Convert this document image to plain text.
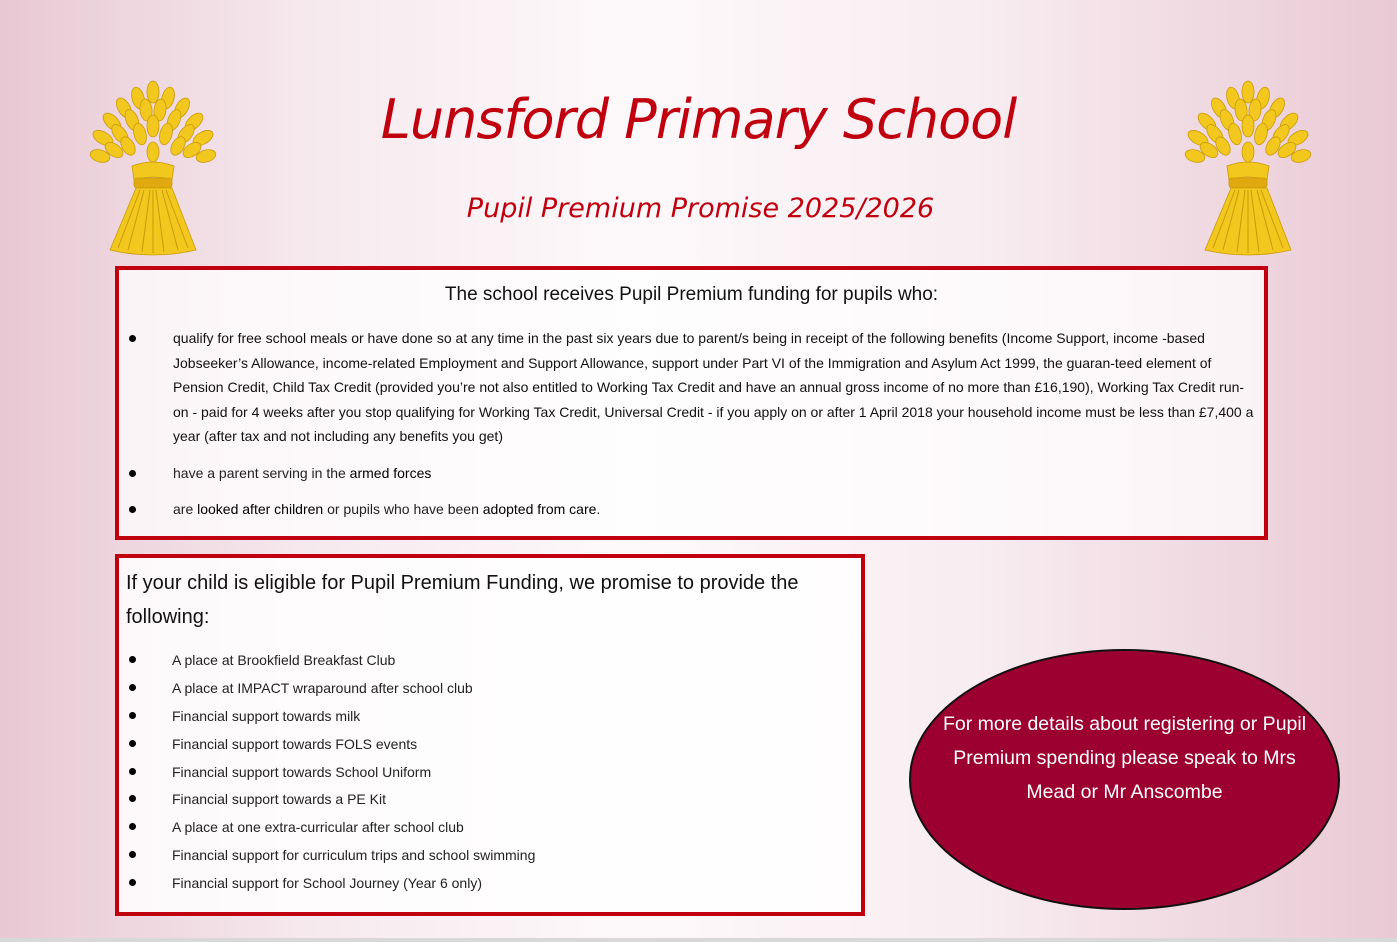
Lunsford Primary School
Pupil Premium Promise 2025/2026
The school receives Pupil Premium funding for pupils who:
qualify for free school meals or have done so at any time in the past six years due to parent/s being in receipt of the following benefits (Income Support, income -based Jobseeker’s Allowance, income-related Employment and Support Allowance, support under Part VI of the Immigration and Asylum Act 1999, the guaran-teed element of Pension Credit, Child Tax Credit (provided you’re not also entitled to Working Tax Credit and have an annual gross income of no more than £16,190), Working Tax Credit run-on - paid for 4 weeks after you stop qualifying for Working Tax Credit, Universal Credit - if you apply on or after 1 April 2018 your household income must be less than £7,400 a year (after tax and not including any benefits you get)
have a parent serving in the armed forces
are looked after children or pupils who have been adopted from care.
If your child is eligible for Pupil Premium Funding, we promise to provide the following:
A place at Brookfield Breakfast Club
A place at IMPACT wraparound after school club
Financial support towards milk
Financial support towards FOLS events
Financial support towards School Uniform
Financial support towards a PE Kit
A place at one extra-curricular after school club
Financial support for curriculum trips and school swimming
Financial support for School Journey (Year 6 only)
For more details about registering or Pupil Premium spending please speak to Mrs Mead or Mr Anscombe
